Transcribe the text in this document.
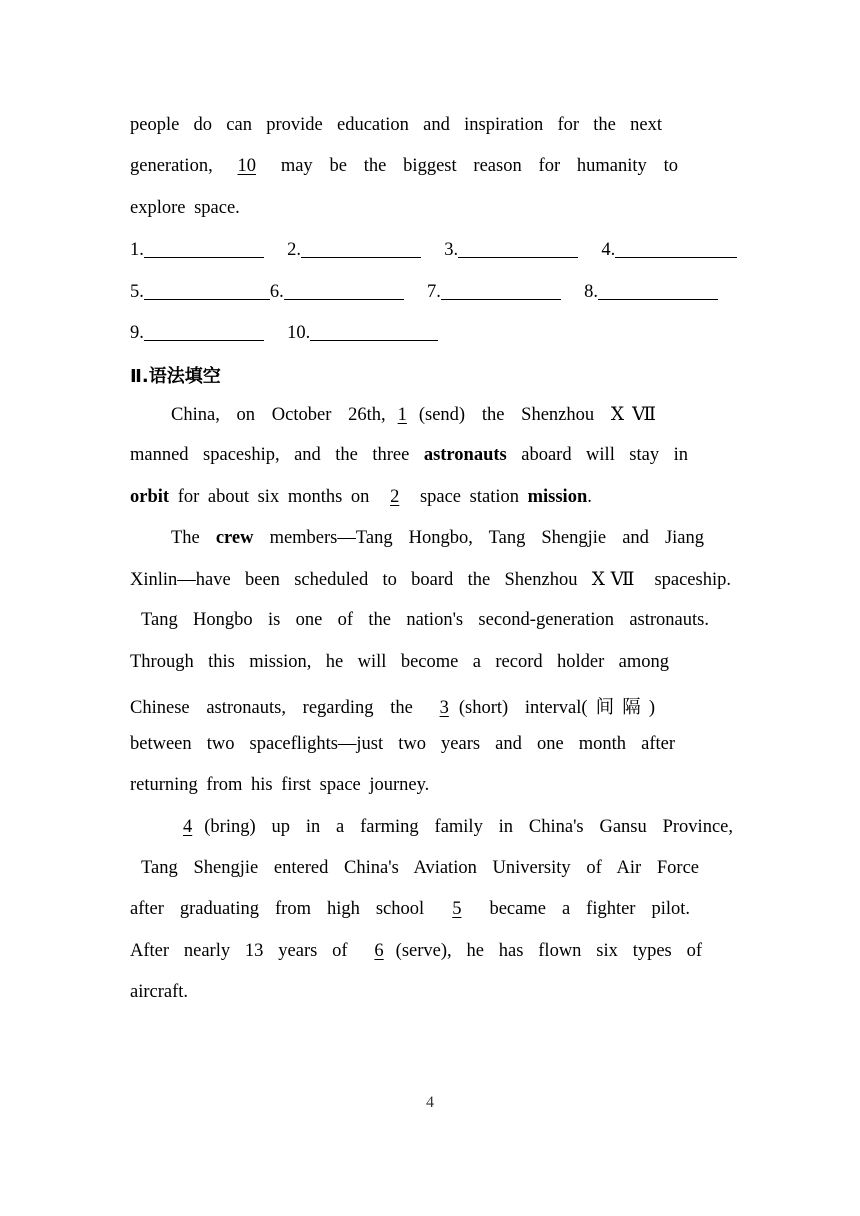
people do can provide education and inspiration for the next
generation, 10 may be the biggest reason for humanity to
explore space.
1.	2.	3.	4.
5.	6.	7.	8.
9.	10.
Ⅱ.语法填空
China, on October 26th, 1 (send) the Shenzhou ⅩⅦ
manned spaceship, and the three astronauts aboard will stay in
orbit for about six months on 2 space station mission.
The crew members—Tang Hongbo, Tang Shengjie and Jiang
Xinlin—have been scheduled to board the Shenzhou ⅩⅦ spaceship.
Tang Hongbo is one of the nation's second-generation astronauts.
Through this mission, he will become a record holder among
Chinese astronauts, regarding the 3 (short) interval(间隔)
between two spaceflights—just two years and one month after
returning from his first space journey.
4 (bring) up in a farming family in China's Gansu Province,
Tang Shengjie entered China's Aviation University of Air Force
after graduating from high school 5 became a fighter pilot.
After nearly 13 years of 6 (serve), he has flown six types of
aircraft.
4
